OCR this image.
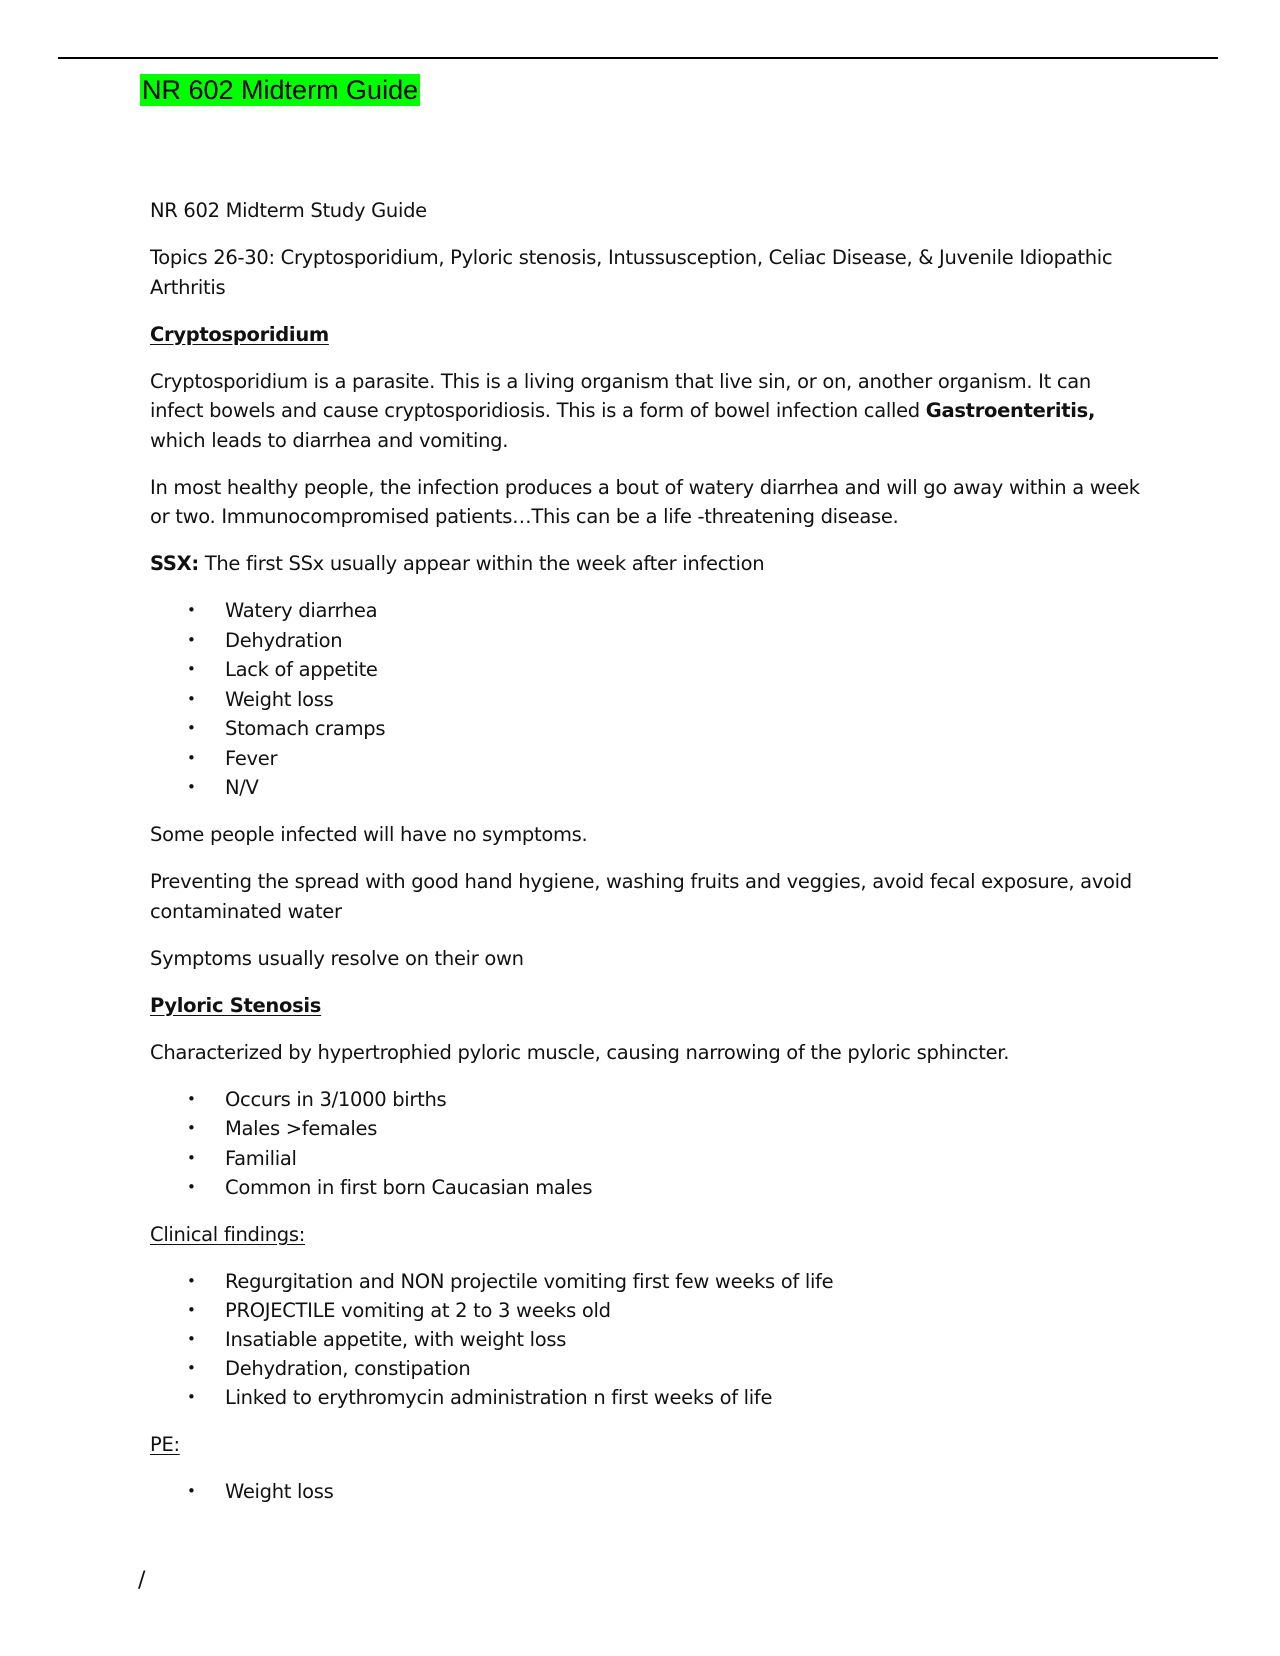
NR 602 Midterm Guide

NR 602 Midterm Study Guide

Topics 26-30: Cryptosporidium, Pyloric stenosis, Intussusception, Celiac Disease, & Juvenile Idiopathic Arthritis

Cryptosporidium

Cryptosporidium is a parasite. This is a living organism that live sin, or on, another organism. It can infect bowels and cause cryptosporidiosis. This is a form of bowel infection called Gastroenteritis, which leads to diarrhea and vomiting.

In most healthy people, the infection produces a bout of watery diarrhea and will go away within a week or two. Immunocompromised patients…This can be a life -threatening disease.

SSX: The first SSx usually appear within the week after infection

• Watery diarrhea
• Dehydration
• Lack of appetite
• Weight loss
• Stomach cramps
• Fever
• N/V

Some people infected will have no symptoms.

Preventing the spread with good hand hygiene, washing fruits and veggies, avoid fecal exposure, avoid contaminated water

Symptoms usually resolve on their own

Pyloric Stenosis

Characterized by hypertrophied pyloric muscle, causing narrowing of the pyloric sphincter.

• Occurs in 3/1000 births
• Males >females
• Familial
• Common in first born Caucasian males

Clinical findings:

• Regurgitation and NON projectile vomiting first few weeks of life
• PROJECTILE vomiting at 2 to 3 weeks old
• Insatiable appetite, with weight loss
• Dehydration, constipation
• Linked to erythromycin administration n first weeks of life

PE:

• Weight loss
/
